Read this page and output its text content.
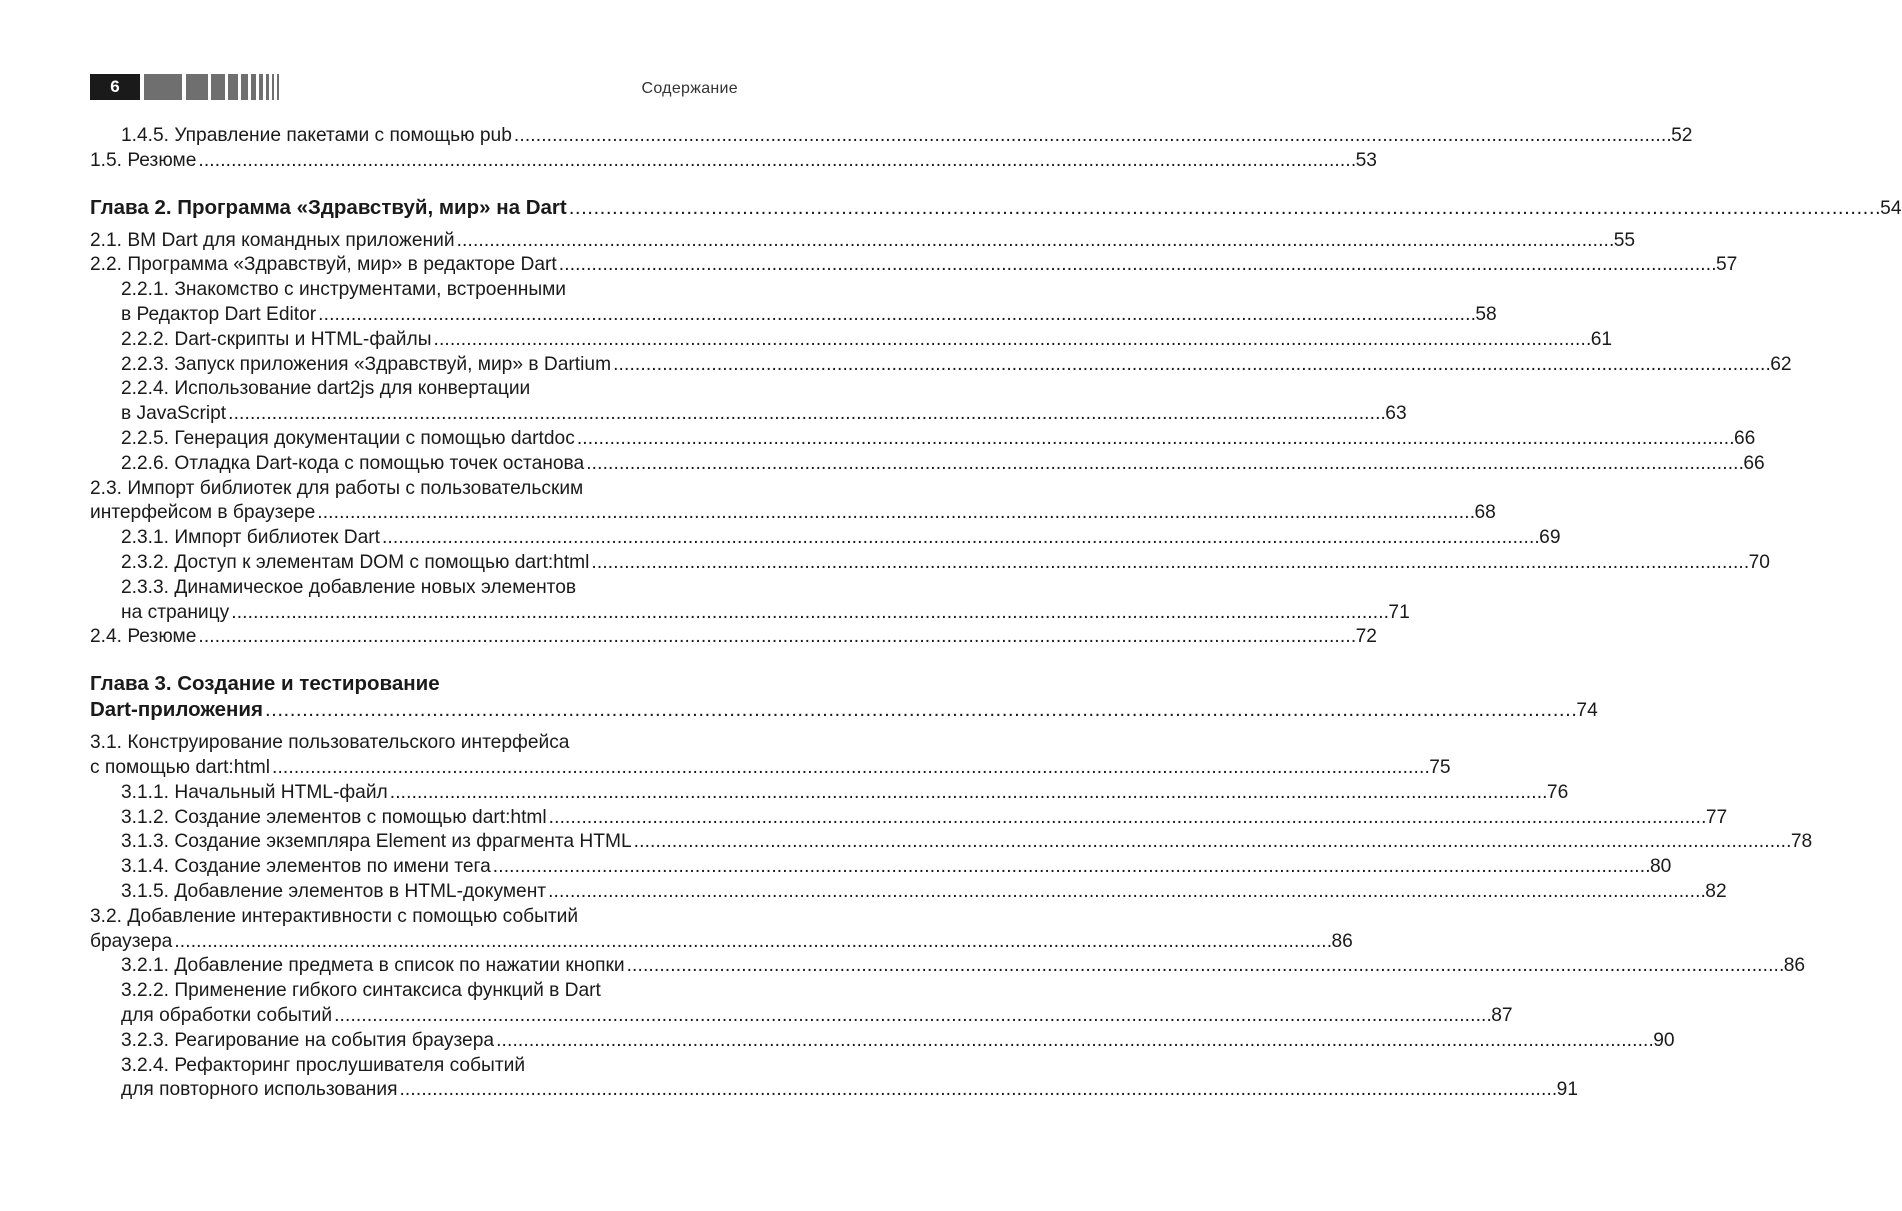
6	Содержание
1.4.5. Управление пакетами с помощью pub . . .	52
1.5. Резюме . . .	53
Глава 2. Программа «Здравствуй, мир» на Dart . . .	54
2.1. ВМ Dart для командных приложений . . .	55
2.2. Программа «Здравствуй, мир» в редакторе Dart . . .	57
2.2.1. Знакомство с инструментами, встроенными
в Редактор Dart Editor . . .	58
2.2.2. Dart-скрипты и HTML-файлы . . .	61
2.2.3. Запуск приложения «Здравствуй, мир» в Dartium . . .	62
2.2.4. Использование dart2js для конвертации
в JavaScript . . .	63
2.2.5. Генерация документации с помощью dartdoc . . .	66
2.2.6. Отладка Dart-кода с помощью точек останова . . .	66
2.3. Импорт библиотек для работы с пользовательским
интерфейсом в браузере . . .	68
2.3.1. Импорт библиотек Dart . . .	69
2.3.2. Доступ к элементам DOM с помощью dart:html . . .	70
2.3.3. Динамическое добавление новых элементов
на страницу . . .	71
2.4. Резюме . . .	72
Глава 3. Создание и тестирование
Dart-приложения . . .	74
3.1. Конструирование пользовательского интерфейса
с помощью dart:html . . .	75
3.1.1. Начальный HTML-файл . . .	76
3.1.2. Создание элементов с помощью dart:html . . .	77
3.1.3. Создание экземпляра Element из фрагмента HTML . . .	78
3.1.4. Создание элементов по имени тега . . .	80
3.1.5. Добавление элементов в HTML-документ . . .	82
3.2. Добавление интерактивности с помощью событий
браузера . . .	86
3.2.1. Добавление предмета в список по нажатии кнопки . . .	86
3.2.2. Применение гибкого синтаксиса функций в Dart
для обработки событий . . .	87
3.2.3. Реагирование на события браузера . . .	90
3.2.4. Рефакторинг прослушивателя событий
для повторного использования . . .	91
